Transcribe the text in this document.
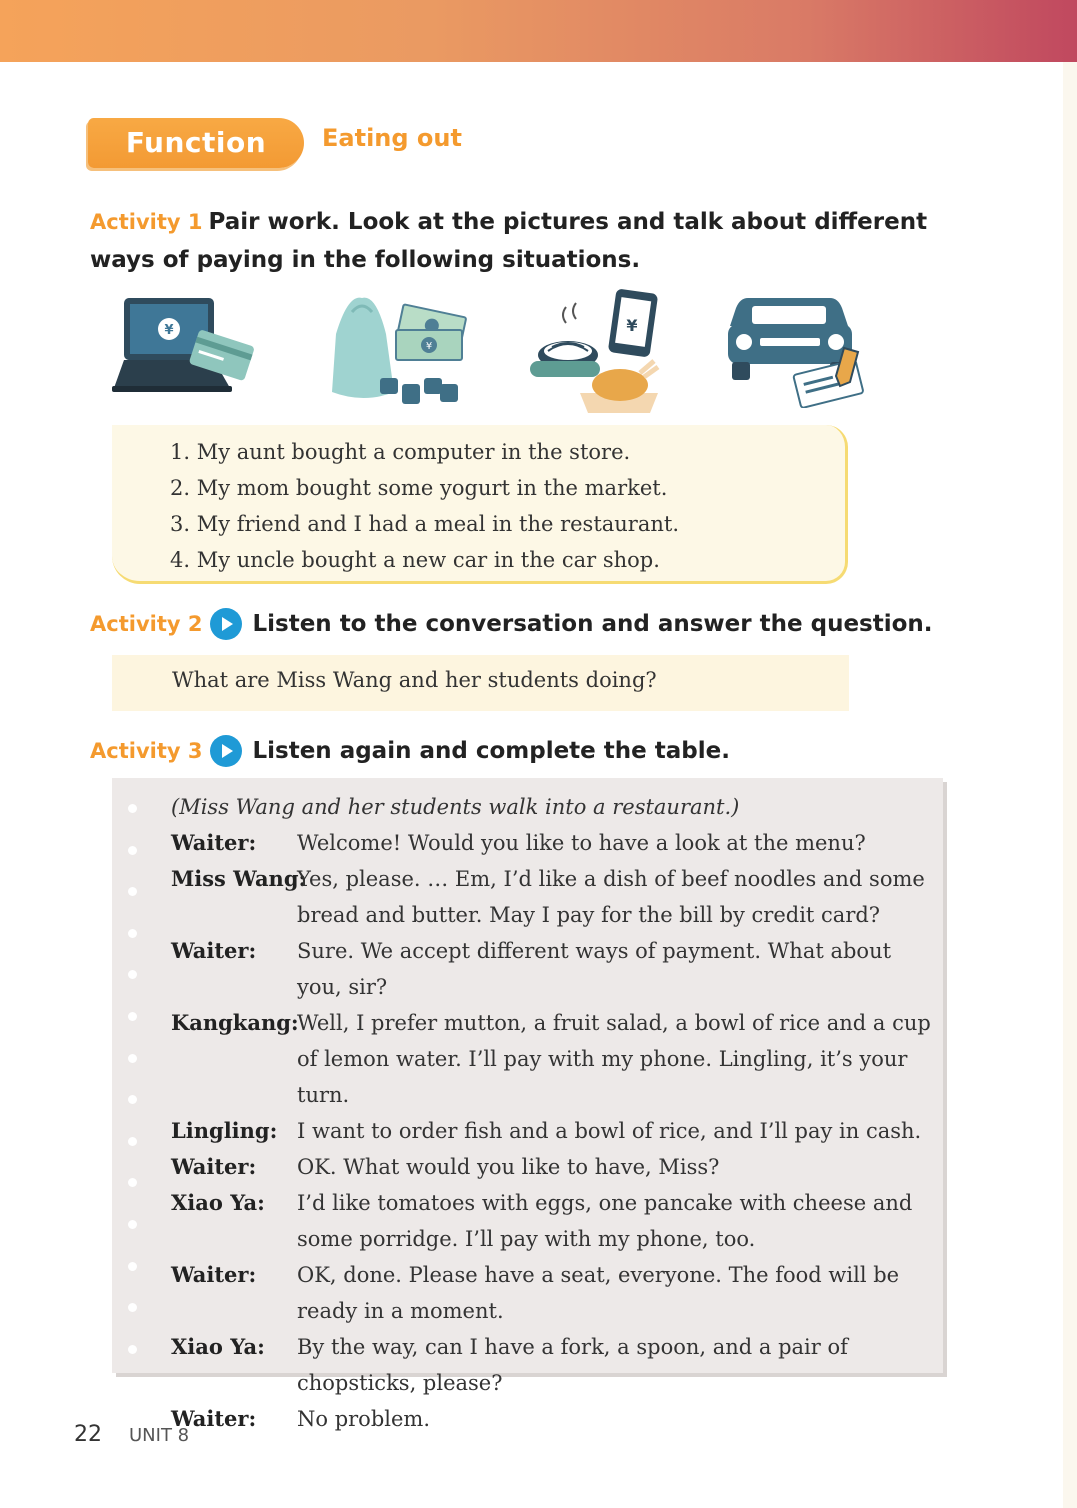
Function	Eating out
Activity 1 Pair work. Look at the pictures and talk about different ways of paying in the following situations.
¥
¥
¥
1. My aunt bought a computer in the store.
2. My mom bought some yogurt in the market.
3. My friend and I had a meal in the restaurant.
4. My uncle bought a new car in the car shop.
Activity 2 Listen to the conversation and answer the question.
What are Miss Wang and her students doing?
Activity 3 Listen again and complete the table.
(Miss Wang and her students walk into a restaurant.)
Waiter:	Welcome! Would you like to have a look at the menu?
Miss Wang:
Yes, please. … Em, I’d like a dish of beef noodles and some bread and butter. May I pay for the bill by credit card?
Waiter:	Sure. We accept different ways of payment. What about you, sir?
Kangkang:
Well, I prefer mutton, a fruit salad, a bowl of rice and a cup of lemon water. I’ll pay with my phone. Lingling, it’s your turn.
Lingling: I want to order fish and a bowl of rice, and I’ll pay in cash.
Waiter:	OK. What would you like to have, Miss?
Xiao Ya:	I’d like tomatoes with eggs, one pancake with cheese and some porridge. I’ll pay with my phone, too.
Waiter:	OK, done. Please have a seat, everyone. The food will be ready in a moment.
Xiao Ya:	By the way, can I have a fork, a spoon, and a pair of chopsticks, please?
Waiter:	No problem.
22 UNIT 8
